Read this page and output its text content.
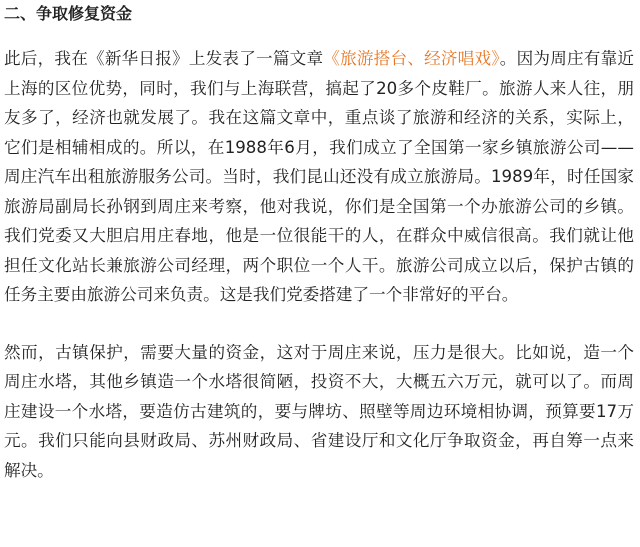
二、争取修复资金

此后，我在《新华日报》上发表了一篇文章《旅游搭台、经济唱戏》。因为周庄有靠近上海的区位优势，同时，我们与上海联营，搞起了20多个皮鞋厂。旅游人来人往，朋友多了，经济也就发展了。我在这篇文章中，重点谈了旅游和经济的关系，实际上，它们是相辅相成的。所以，在1988年6月，我们成立了全国第一家乡镇旅游公司——周庄汽车出租旅游服务公司。当时，我们昆山还没有成立旅游局。1989年，时任国家旅游局副局长孙钢到周庄来考察，他对我说，你们是全国第一个办旅游公司的乡镇。我们党委又大胆启用庄春地，他是一位很能干的人，在群众中威信很高。我们就让他担任文化站长兼旅游公司经理，两个职位一个人干。旅游公司成立以后，保护古镇的任务主要由旅游公司来负责。这是我们党委搭建了一个非常好的平台。

然而，古镇保护，需要大量的资金，这对于周庄来说，压力是很大。比如说，造一个周庄水塔，其他乡镇造一个水塔很简陋，投资不大，大概五六万元，就可以了。而周庄建设一个水塔，要造仿古建筑的，要与牌坊、照壁等周边环境相协调，预算要17万元。我们只能向县财政局、苏州财政局、省建设厅和文化厅争取资金，再自筹一点来解决。
